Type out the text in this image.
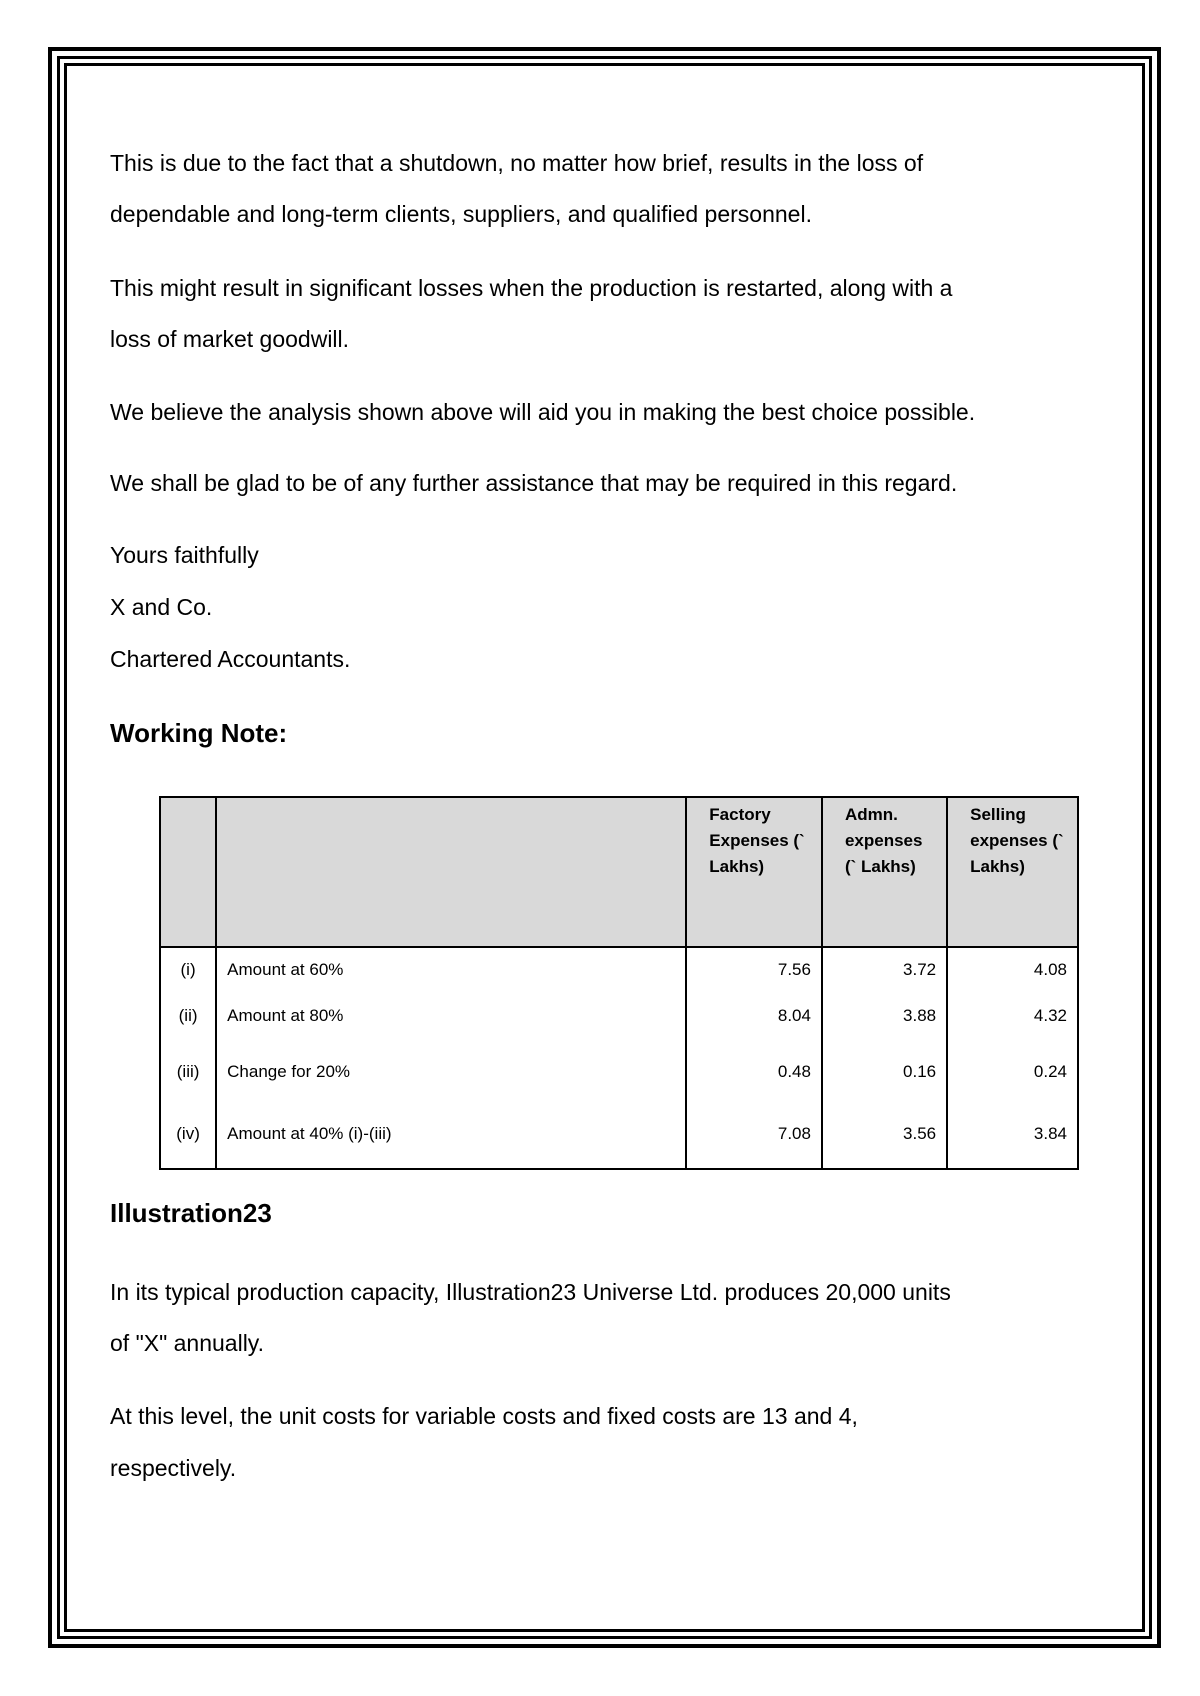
This is due to the fact that a shutdown, no matter how brief, results in the loss of

dependable and long-term clients, suppliers, and qualified personnel.

This might result in significant losses when the production is restarted, along with a

loss of market goodwill.

We believe the analysis shown above will aid you in making the best choice possible.

We shall be glad to be of any further assistance that may be required in this regard.

Yours faithfully

X and Co.

Chartered Accountants.

Working Note:
Illustration23

In its typical production capacity, Illustration23 Universe Ltd. produces 20,000 units

of "X" annually.

At this level, the unit costs for variable costs and fixed costs are 13 and 4,

respectively.

		Factory Expenses (` Lakhs)	Admn. expenses (` Lakhs)	Selling expenses (` Lakhs)

(i)	Amount at 60%	7.56	3.72	4.08
(ii)	Amount at 80%	8.04	3.88	4.32
(iii)	Change for 20%	0.48	0.16	0.24
(iv)	Amount at 40% (i)-(iii)	7.08	3.56	3.84
